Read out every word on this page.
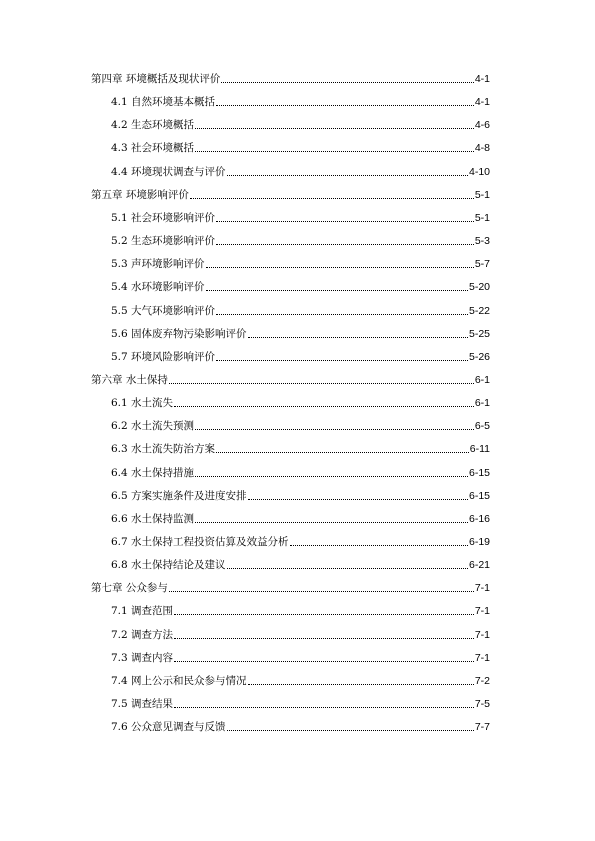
第四章 环境概括及现状评价	4-1
4.1 自然环境基本概括	4-1
4.2 生态环境概括	4-6
4.3 社会环境概括	4-8
4.4 环境现状调查与评价	4-10
第五章 环境影响评价	5-1
5.1 社会环境影响评价	5-1
5.2 生态环境影响评价	5-3
5.3 声环境影响评价	5-7
5.4 水环境影响评价	5-20
5.5 大气环境影响评价	5-22
5.6 固体废弃物污染影响评价	5-25
5.7 环境风险影响评价	5-26
第六章 水土保持	6-1
6.1 水土流失	6-1
6.2 水土流失预测	6-5
6.3 水土流失防治方案	6-11
6.4 水土保持措施	6-15
6.5 方案实施条件及进度安排	6-15
6.6 水土保持监测	6-16
6.7 水土保持工程投资估算及效益分析	6-19
6.8 水土保持结论及建议	6-21
第七章 公众参与	7-1
7.1 调查范围	7-1
7.2 调查方法	7-1
7.3 调查内容	7-1
7.4 网上公示和民众参与情况	7-2
7.5 调查结果	7-5
7.6 公众意见调查与反馈	7-7
